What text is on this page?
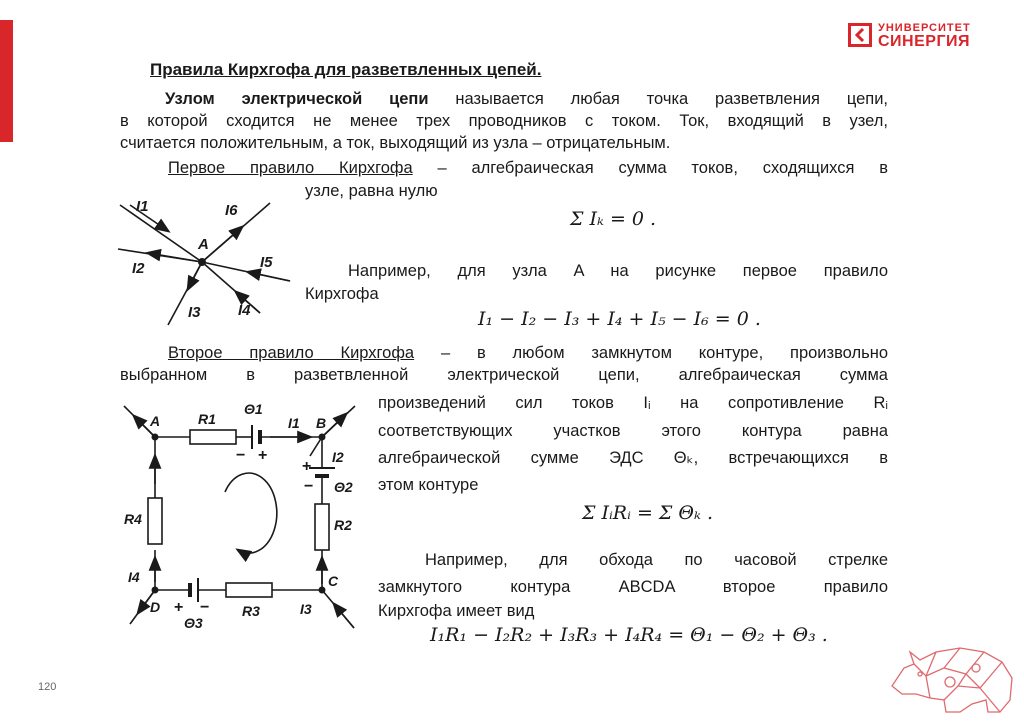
УНИВЕРСИТЕТ
СИНЕРГИЯ
Правила Кирхгофа для разветвленных цепей.
Узлом электрической цепи называется любая точка разветвления цепи,
в которой сходится не менее трех проводников с током. Ток, входящий в узел,
считается положительным, а ток, выходящий из узла – отрицательным.
Первое правило Кирхгофа – алгебраическая сумма токов, сходящихся в
узле, равна нулю
Σ Iₖ = 0 .
Например, для узла A на рисунке первое правило
Кирхгофа
I₁ − I₂ − I₃ + I₄ + I₅ − I₆ = 0 .
A
I1
I2
I3 I4
I5
I6
Второе правило Кирхгофа – в любом замкнутом контуре, произвольно
выбранном в разветвленной электрической цепи, алгебраическая сумма
произведений сил токов Iᵢ на сопротивление Rᵢ
соответствующих участков этого контура равна
алгебраической сумме ЭДС Θₖ, встречающихся в
этом контуре
Σ IᵢRᵢ = Σ Θₖ .
Например, для обхода по часовой стрелке
замкнутого контура ABCDA второе правило
Кирхгофа имеет вид
I₁R₁ − I₂R₂ + I₃R₃ + I₄R₄ = Θ₁ − Θ₂ + Θ₃ .
A	B
C
D
R1
R2
R3
R4
I1
I2
I3
I4
Θ1
Θ2
Θ3
− +
+
−
+ −
120
